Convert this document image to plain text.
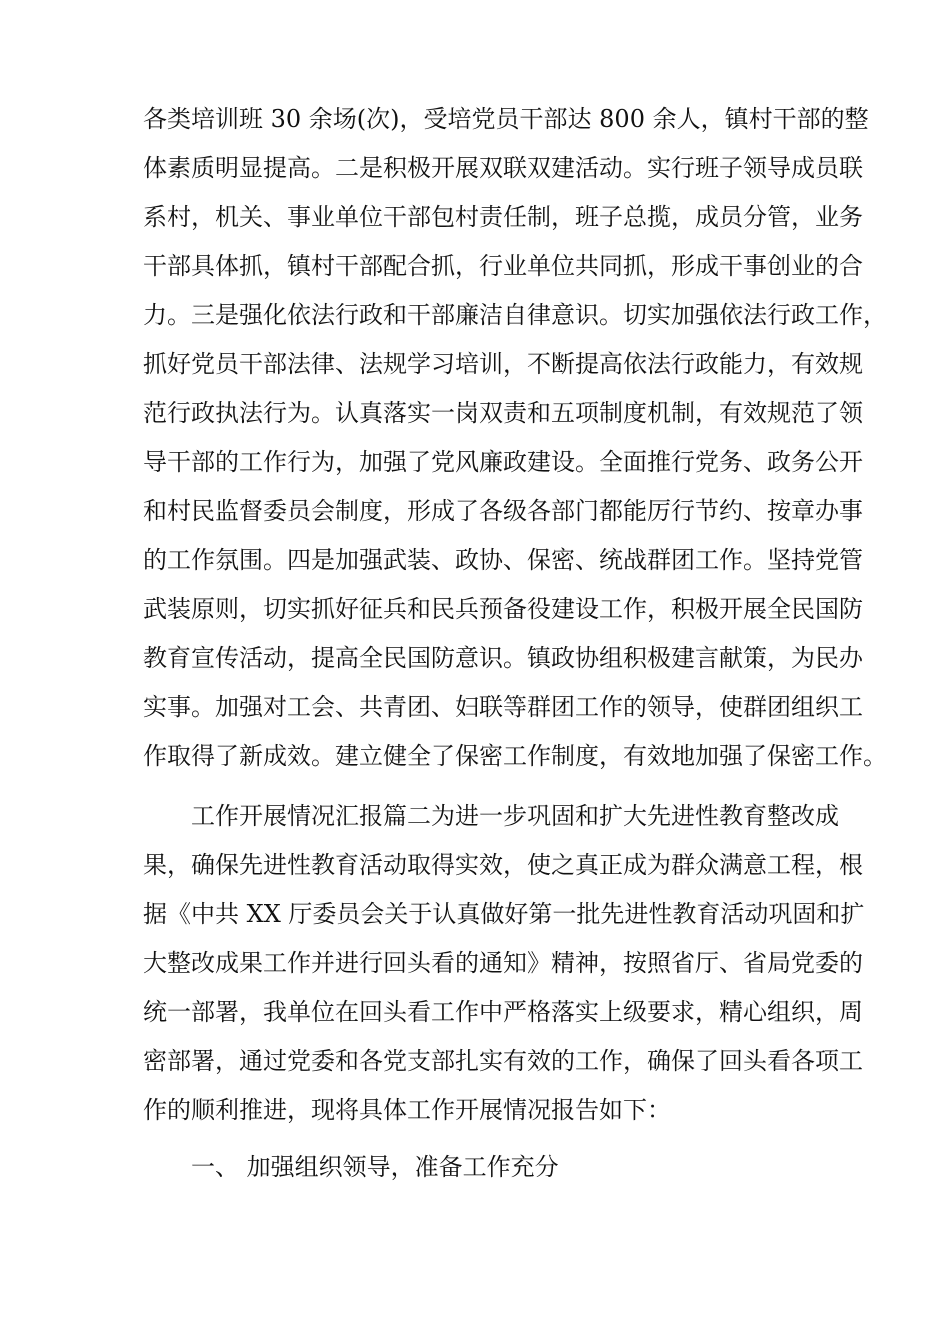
各类培训班 30 余场(次)，受培党员干部达 800 余人，镇村干部的整
体素质明显提高。二是积极开展双联双建活动。实行班子领导成员联
系村，机关、事业单位干部包村责任制，班子总揽，成员分管，业务
干部具体抓，镇村干部配合抓，行业单位共同抓，形成干事创业的合
力。三是强化依法行政和干部廉洁自律意识。切实加强依法行政工作，
抓好党员干部法律、法规学习培训，不断提高依法行政能力，有效规
范行政执法行为。认真落实一岗双责和五项制度机制，有效规范了领
导干部的工作行为，加强了党风廉政建设。全面推行党务、政务公开
和村民监督委员会制度，形成了各级各部门都能厉行节约、按章办事
的工作氛围。四是加强武装、政协、保密、统战群团工作。坚持党管
武装原则，切实抓好征兵和民兵预备役建设工作，积极开展全民国防
教育宣传活动，提高全民国防意识。镇政协组积极建言献策，为民办
实事。加强对工会、共青团、妇联等群团工作的领导，使群团组织工
作取得了新成效。建立健全了保密工作制度，有效地加强了保密工作。
工作开展情况汇报篇二为进一步巩固和扩大先进性教育整改成
果，确保先进性教育活动取得实效，使之真正成为群众满意工程，根
据《中共 XX 厅委员会关于认真做好第一批先进性教育活动巩固和扩
大整改成果工作并进行回头看的通知》精神，按照省厅、省局党委的
统一部署，我单位在回头看工作中严格落实上级要求，精心组织，周
密部署，通过党委和各党支部扎实有效的工作，确保了回头看各项工
作的顺利推进，现将具体工作开展情况报告如下：
一、 加强组织领导，准备工作充分
